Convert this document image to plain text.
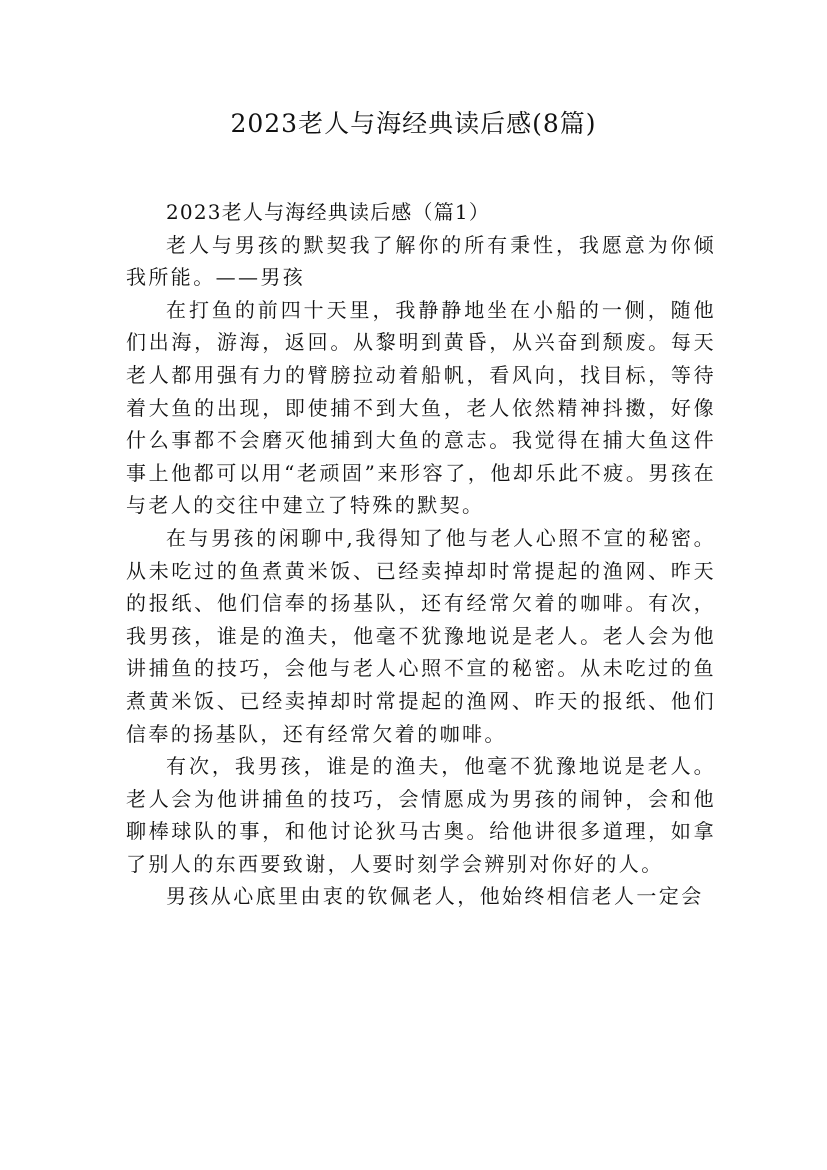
2023老人与海经典读后感(8篇)

2023老人与海经典读后感（篇1）

老人与男孩的默契我了解你的所有秉性，我愿意为你倾我所能。——男孩

在打鱼的前四十天里，我静静地坐在小船的一侧，随他们出海，游海，返回。从黎明到黄昏，从兴奋到颓废。每天老人都用强有力的臂膀拉动着船帆，看风向，找目标，等待着大鱼的出现，即使捕不到大鱼，老人依然精神抖擞，好像什么事都不会磨灭他捕到大鱼的意志。我觉得在捕大鱼这件事上他都可以用“老顽固”来形容了，他却乐此不疲。男孩在与老人的交往中建立了特殊的默契。

在与男孩的闲聊中,我得知了他与老人心照不宣的秘密。从未吃过的鱼煮黄米饭、已经卖掉却时常提起的渔网、昨天的报纸、他们信奉的扬基队，还有经常欠着的咖啡。有次，我男孩，谁是的渔夫，他毫不犹豫地说是老人。老人会为他讲捕鱼的技巧，会他与老人心照不宣的秘密。从未吃过的鱼煮黄米饭、已经卖掉却时常提起的渔网、昨天的报纸、他们信奉的扬基队，还有经常欠着的咖啡。

有次，我男孩，谁是的渔夫，他毫不犹豫地说是老人。老人会为他讲捕鱼的技巧，会情愿成为男孩的闹钟，会和他聊棒球队的事，和他讨论狄马古奥。给他讲很多道理，如拿了别人的东西要致谢，人要时刻学会辨别对你好的人。

男孩从心底里由衷的钦佩老人，他始终相信老人一定会
